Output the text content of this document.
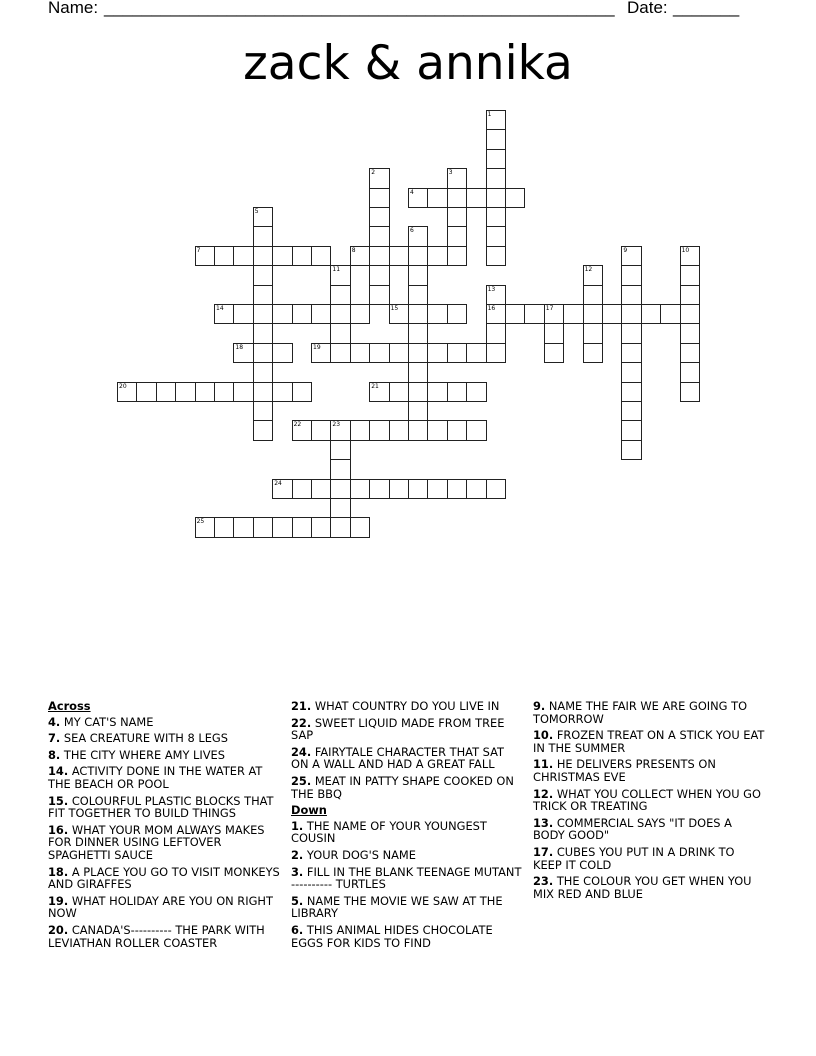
Name: ______________________________________________________ Date: _______
zack & annika
1
2	3
4
5
6
7	8	9	10
11	12
13
16
14	15	17
18	19
20	21
22	23
24
25
Across
4. MY CAT'S NAME
7. SEA CREATURE WITH 8 LEGS
8. THE CITY WHERE AMY LIVES
14. ACTIVITY DONE IN THE WATER AT THE BEACH OR POOL
15. COLOURFUL PLASTIC BLOCKS THAT FIT TOGETHER TO BUILD THINGS
16. WHAT YOUR MOM ALWAYS MAKES FOR DINNER USING LEFTOVER SPAGHETTI SAUCE
18. A PLACE YOU GO TO VISIT MONKEYS AND GIRAFFES
19. WHAT HOLIDAY ARE YOU ON RIGHT NOW
20. CANADA'S---------- THE PARK WITH LEVIATHAN ROLLER COASTER
21. WHAT COUNTRY DO YOU LIVE IN
22. SWEET LIQUID MADE FROM TREE SAP
24. FAIRYTALE CHARACTER THAT SAT ON A WALL AND HAD A GREAT FALL
25. MEAT IN PATTY SHAPE COOKED ON THE BBQ
Down
1. THE NAME OF YOUR YOUNGEST COUSIN
2. YOUR DOG'S NAME
3. FILL IN THE BLANK TEENAGE MUTANT ---------- TURTLES
5. NAME THE MOVIE WE SAW AT THE LIBRARY
6. THIS ANIMAL HIDES CHOCOLATE EGGS FOR KIDS TO FIND
9. NAME THE FAIR WE ARE GOING TO TOMORROW
10. FROZEN TREAT ON A STICK YOU EAT IN THE SUMMER
11. HE DELIVERS PRESENTS ON CHRISTMAS EVE
12. WHAT YOU COLLECT WHEN YOU GO TRICK OR TREATING
13. COMMERCIAL SAYS "IT DOES A BODY GOOD"
17. CUBES YOU PUT IN A DRINK TO KEEP IT COLD
23. THE COLOUR YOU GET WHEN YOU MIX RED AND BLUE
